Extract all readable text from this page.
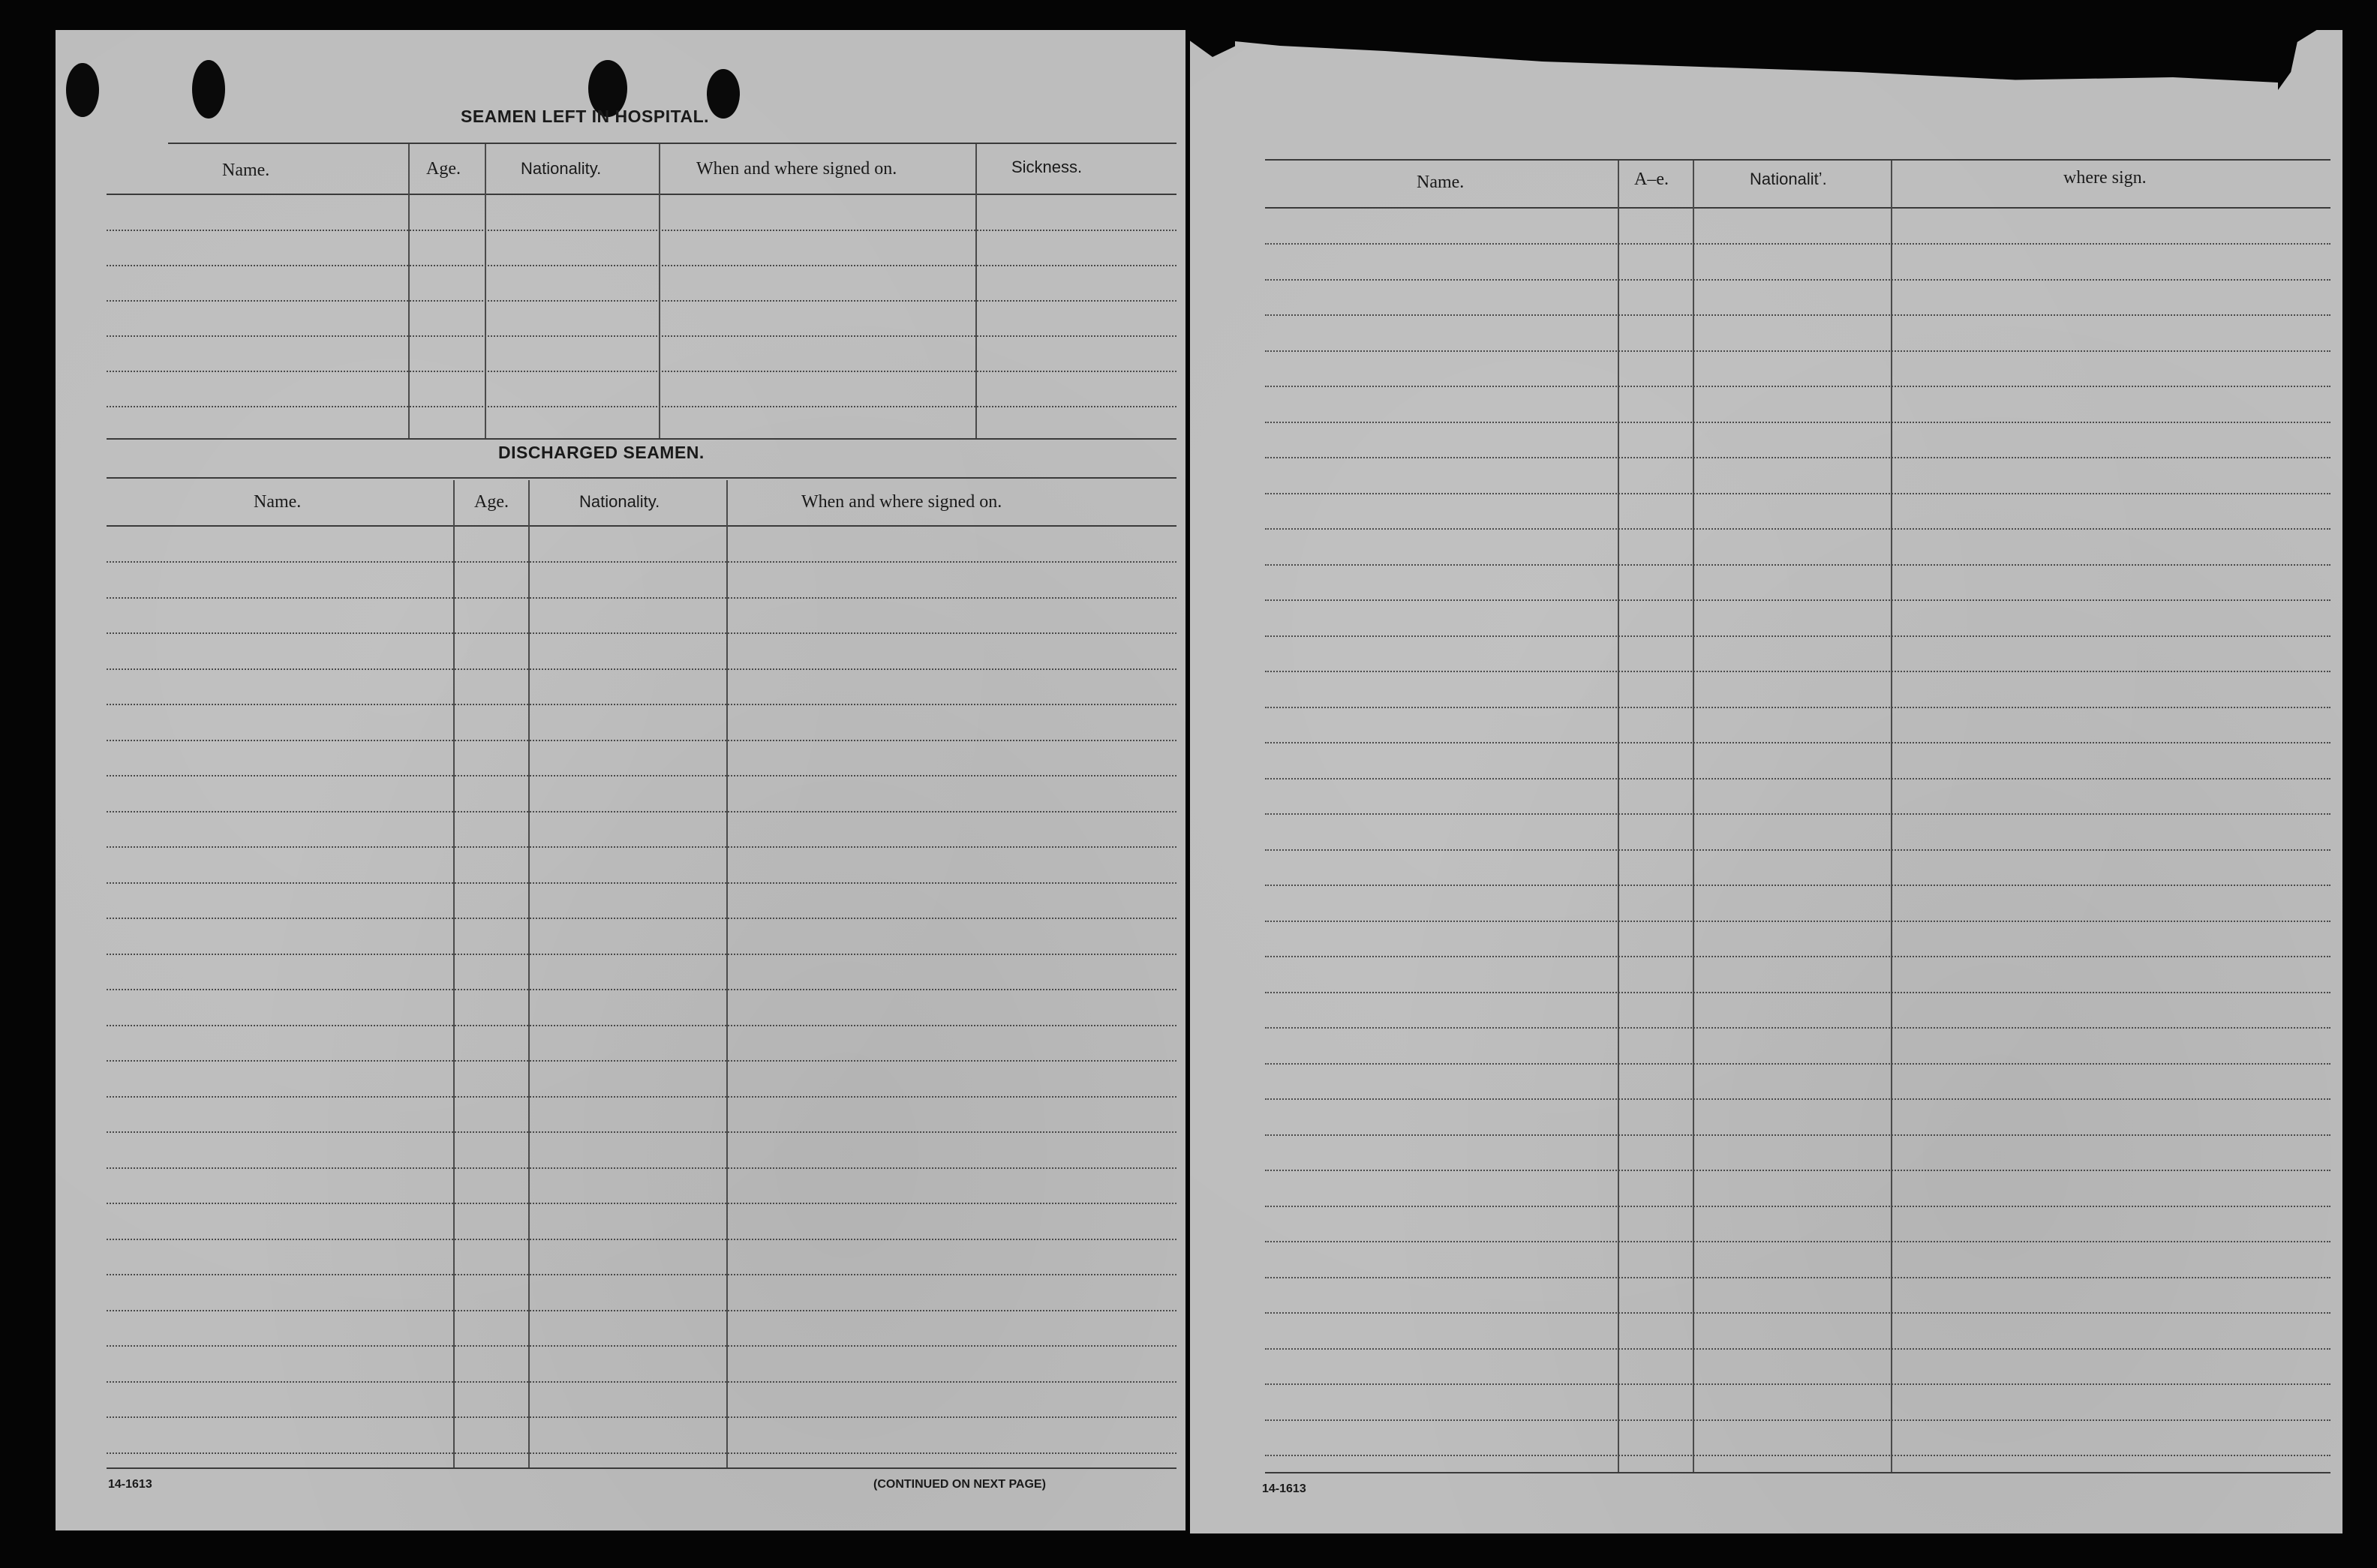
SEAMEN LEFT IN HOSPITAL.
Name.	Age.	Nationality.	When and where signed on.	Sickness.
DISCHARGED SEAMEN.
Name.	Age.	Nationality.	When and where signed on.
14-1613	(CONTINUED ON NEXT PAGE)
Name.	A–e.	Nationalitʼ.	where sign.
14-1613
